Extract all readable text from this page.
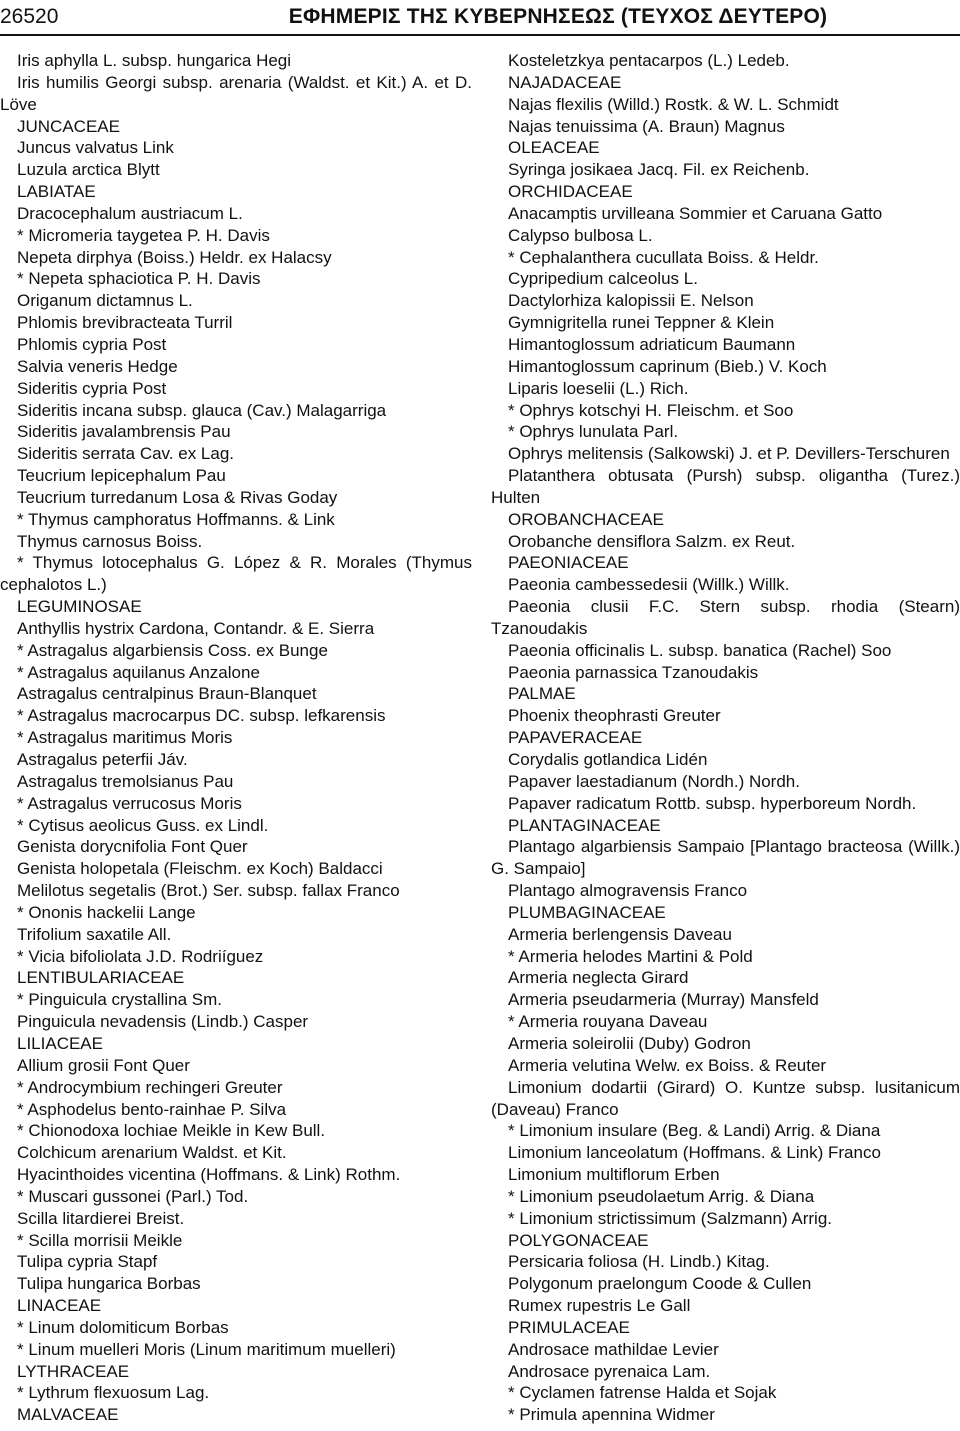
26520	ΕΦΗΜΕΡΙΣ ΤΗΣ ΚΥΒΕΡΝΗΣΕΩΣ (ΤΕΥΧΟΣ ΔΕΥΤΕΡΟ)
Iris aphylla L. subsp. hungarica Hegi
Iris humilis Georgi subsp. arenaria (Waldst. et Kit.) A. et D. Löve
JUNCACEAE
Juncus valvatus Link
Luzula arctica Blytt
LABIATAE
Dracocephalum austriacum L.
* Micromeria taygetea P. H. Davis
Nepeta dirphya (Boiss.) Heldr. ex Halacsy
* Nepeta sphaciotica P. H. Davis
Origanum dictamnus L.
Phlomis brevibracteata Turril
Phlomis cypria Post
Salvia veneris Hedge
Sideritis cypria Post
Sideritis incana subsp. glauca (Cav.) Malagarriga
Sideritis javalambrensis Pau
Sideritis serrata Cav. ex Lag.
Teucrium lepicephalum Pau
Teucrium turredanum Losa & Rivas Goday
* Thymus camphoratus Hoffmanns. & Link
Thymus carnosus Boiss.
* Thymus lotocephalus G. López & R. Morales (Thymus cephalotos L.)
LEGUMINOSAE
Anthyllis hystrix Cardona, Contandr. & E. Sierra
* Astragalus algarbiensis Coss. ex Bunge
* Astragalus aquilanus Anzalone
Astragalus centralpinus Braun-Blanquet
* Astragalus macrocarpus DC. subsp. lefkarensis
* Astragalus maritimus Moris
Astragalus peterfii Jáv.
Astragalus tremolsianus Pau
* Astragalus verrucosus Moris
* Cytisus aeolicus Guss. ex Lindl.
Genista dorycnifolia Font Quer
Genista holopetala (Fleischm. ex Koch) Baldacci
Melilotus segetalis (Brot.) Ser. subsp. fallax Franco
* Ononis hackelii Lange
Trifolium saxatile All.
* Vicia bifoliolata J.D. Rodriíguez
LENTIBULARIACEAE
* Pinguicula crystallina Sm.
Pinguicula nevadensis (Lindb.) Casper
LILIACEAE
Allium grosii Font Quer
* Androcymbium rechingeri Greuter
* Asphodelus bento-rainhae P. Silva
* Chionodoxa lochiae Meikle in Kew Bull.
Colchicum arenarium Waldst. et Kit.
Hyacinthoides vicentina (Hoffmans. & Link) Rothm.
* Muscari gussonei (Parl.) Tod.
Scilla litardierei Breist.
* Scilla morrisii Meikle
Tulipa cypria Stapf
Tulipa hungarica Borbas
LINACEAE
* Linum dolomiticum Borbas
* Linum muelleri Moris (Linum maritimum muelleri)
LYTHRACEAE
* Lythrum flexuosum Lag.
MALVACEAE
Kosteletzkya pentacarpos (L.) Ledeb.
NAJADACEAE
Najas flexilis (Willd.) Rostk. & W. L. Schmidt
Najas tenuissima (A. Braun) Magnus
OLEACEAE
Syringa josikaea Jacq. Fil. ex Reichenb.
ORCHIDACEAE
Anacamptis urvilleana Sommier et Caruana Gatto
Calypso bulbosa L.
* Cephalanthera cucullata Boiss. & Heldr.
Cypripedium calceolus L.
Dactylorhiza kalopissii E. Nelson
Gymnigritella runei Teppner & Klein
Himantoglossum adriaticum Baumann
Himantoglossum caprinum (Bieb.) V. Koch
Liparis loeselii (L.) Rich.
* Ophrys kotschyi H. Fleischm. et Soo
* Ophrys lunulata Parl.
Ophrys melitensis (Salkowski) J. et P. Devillers-Terschuren
Platanthera obtusata (Pursh) subsp. oligantha (Turez.) Hulten
OROBANCHACEAE
Orobanche densiflora Salzm. ex Reut.
PAEONIACEAE
Paeonia cambessedesii (Willk.) Willk.
Paeonia clusii F.C. Stern subsp. rhodia (Stearn) Tzanoudakis
Paeonia officinalis L. subsp. banatica (Rachel) Soo
Paeonia parnassica Tzanoudakis
PALMAE
Phoenix theophrasti Greuter
PAPAVERACEAE
Corydalis gotlandica Lidén
Papaver laestadianum (Nordh.) Nordh.
Papaver radicatum Rottb. subsp. hyperboreum Nordh.
PLANTAGINACEAE
Plantago algarbiensis Sampaio [Plantago bracteosa (Willk.) G. Sampaio]
Plantago almogravensis Franco
PLUMBAGINACEAE
Armeria berlengensis Daveau
* Armeria helodes Martini & Pold
Armeria neglecta Girard
Armeria pseudarmeria (Murray) Mansfeld
* Armeria rouyana Daveau
Armeria soleirolii (Duby) Godron
Armeria velutina Welw. ex Boiss. & Reuter
Limonium dodartii (Girard) O. Kuntze subsp. lusitanicum (Daveau) Franco
* Limonium insulare (Beg. & Landi) Arrig. & Diana
Limonium lanceolatum (Hoffmans. & Link) Franco
Limonium multiflorum Erben
* Limonium pseudolaetum Arrig. & Diana
* Limonium strictissimum (Salzmann) Arrig.
POLYGONACEAE
Persicaria foliosa (H. Lindb.) Kitag.
Polygonum praelongum Coode & Cullen
Rumex rupestris Le Gall
PRIMULACEAE
Androsace mathildae Levier
Androsace pyrenaica Lam.
* Cyclamen fatrense Halda et Sojak
* Primula apennina Widmer
